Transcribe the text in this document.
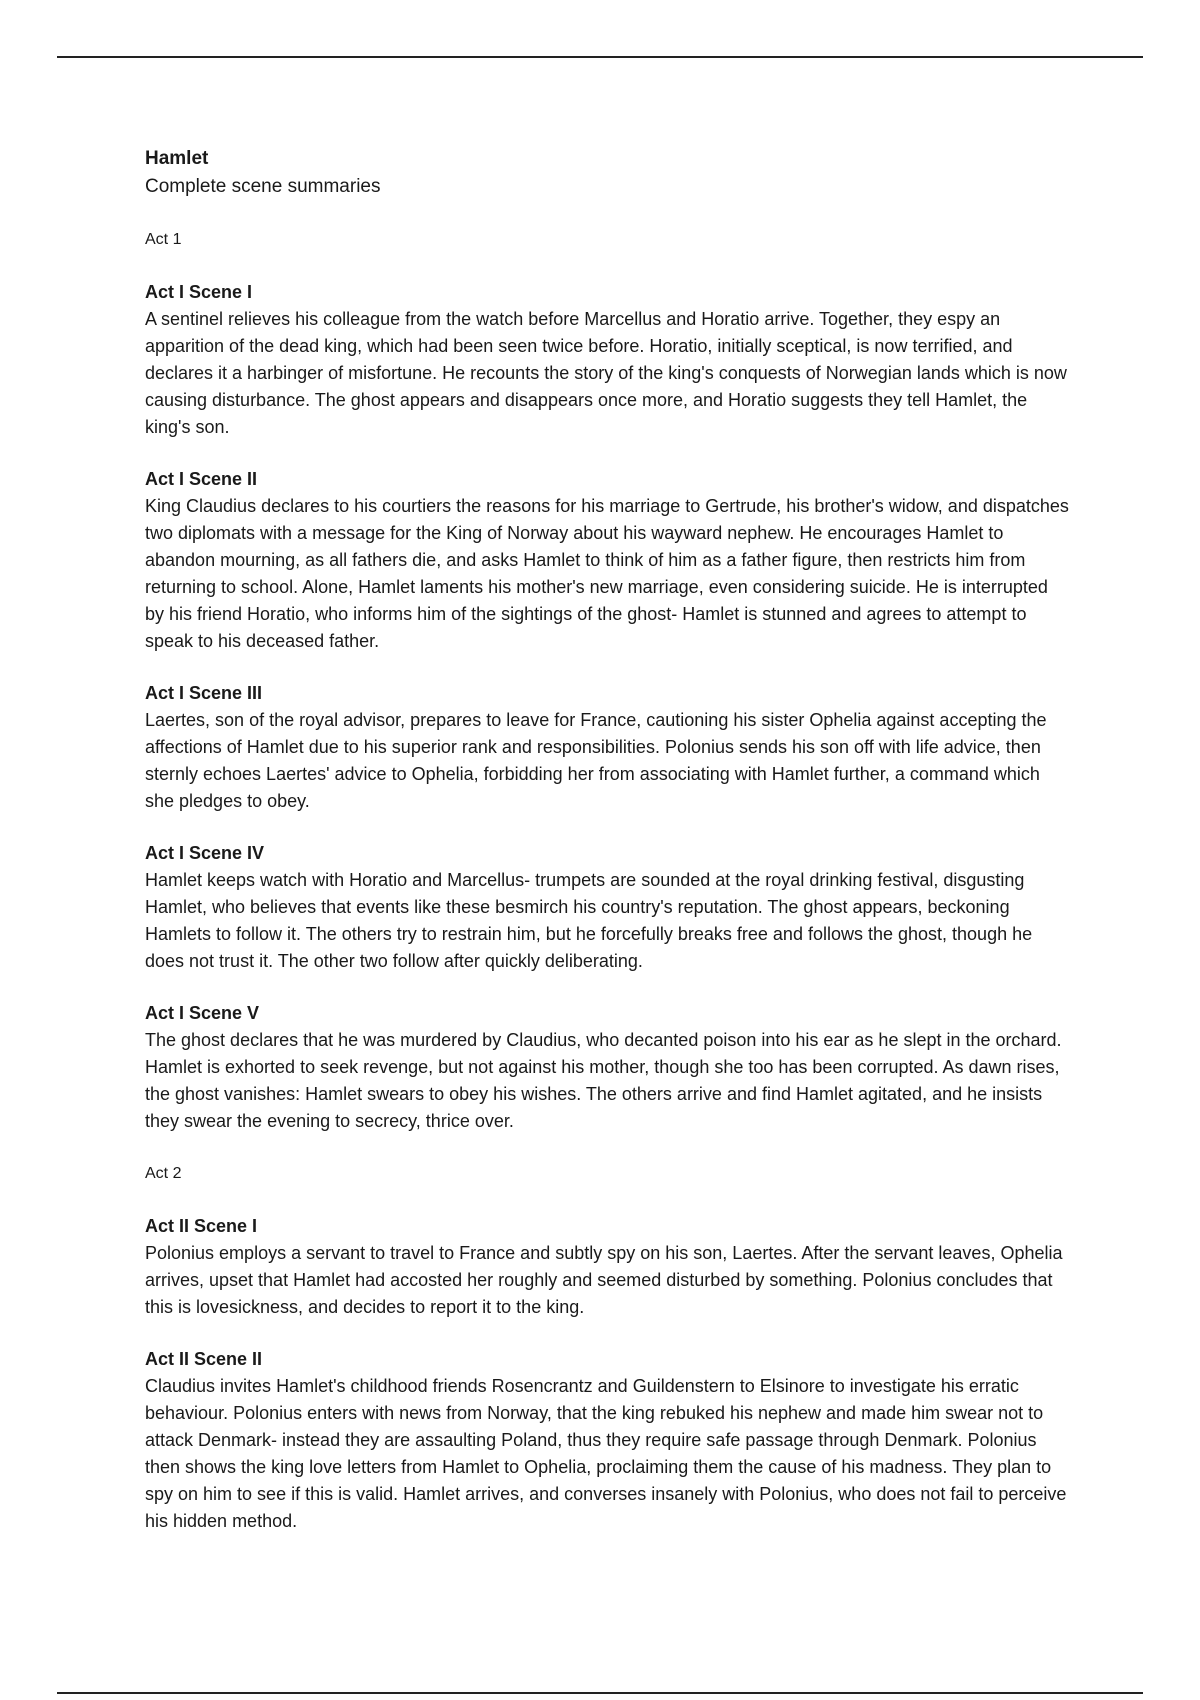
Hamlet

Complete scene summaries

Act 1

Act I Scene I

A sentinel relieves his colleague from the watch before Marcellus and Horatio arrive. Together, they espy an apparition of the dead king, which had been seen twice before. Horatio, initially sceptical, is now terrified, and declares it a harbinger of misfortune. He recounts the story of the king's conquests of Norwegian lands which is now causing disturbance. The ghost appears and disappears once more, and Horatio suggests they tell Hamlet, the king's son.

Act I Scene II

King Claudius declares to his courtiers the reasons for his marriage to Gertrude, his brother's widow, and dispatches two diplomats with a message for the King of Norway about his wayward nephew. He encourages Hamlet to abandon mourning, as all fathers die, and asks Hamlet to think of him as a father figure, then restricts him from returning to school. Alone, Hamlet laments his mother's new marriage, even considering suicide. He is interrupted by his friend Horatio, who informs him of the sightings of the ghost- Hamlet is stunned and agrees to attempt to speak to his deceased father.

Act I Scene III

Laertes, son of the royal advisor, prepares to leave for France, cautioning his sister Ophelia against accepting the affections of Hamlet due to his superior rank and responsibilities. Polonius sends his son off with life advice, then sternly echoes Laertes' advice to Ophelia, forbidding her from associating with Hamlet further, a command which she pledges to obey.

Act I Scene IV

Hamlet keeps watch with Horatio and Marcellus- trumpets are sounded at the royal drinking festival, disgusting Hamlet, who believes that events like these besmirch his country's reputation. The ghost appears, beckoning Hamlets to follow it. The others try to restrain him, but he forcefully breaks free and follows the ghost, though he does not trust it. The other two follow after quickly deliberating.

Act I Scene V

The ghost declares that he was murdered by Claudius, who decanted poison into his ear as he slept in the orchard. Hamlet is exhorted to seek revenge, but not against his mother, though she too has been corrupted. As dawn rises, the ghost vanishes: Hamlet swears to obey his wishes. The others arrive and find Hamlet agitated, and he insists they swear the evening to secrecy, thrice over.

Act 2

Act II Scene I

Polonius employs a servant to travel to France and subtly spy on his son, Laertes. After the servant leaves, Ophelia arrives, upset that Hamlet had accosted her roughly and seemed disturbed by something. Polonius concludes that this is lovesickness, and decides to report it to the king.

Act II Scene II

Claudius invites Hamlet's childhood friends Rosencrantz and Guildenstern to Elsinore to investigate his erratic behaviour. Polonius enters with news from Norway, that the king rebuked his nephew and made him swear not to attack Denmark- instead they are assaulting Poland, thus they require safe passage through Denmark. Polonius then shows the king love letters from Hamlet to Ophelia, proclaiming them the cause of his madness. They plan to spy on him to see if this is valid. Hamlet arrives, and converses insanely with Polonius, who does not fail to perceive his hidden method.
